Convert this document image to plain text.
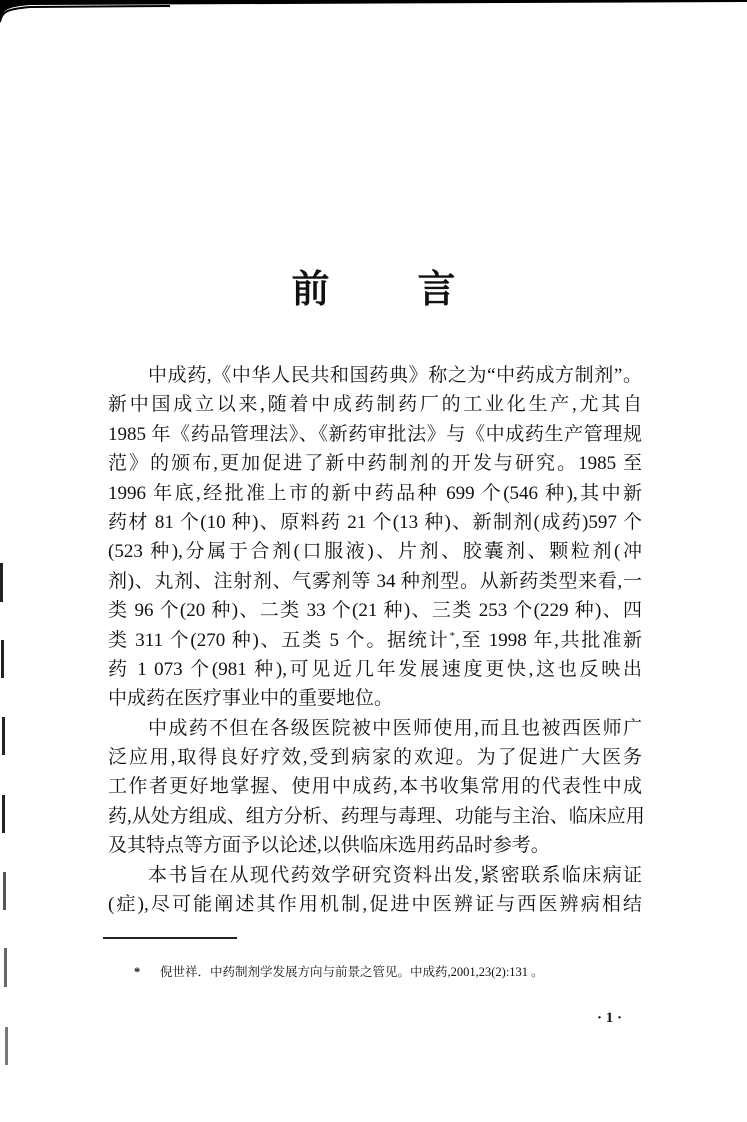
前 言
中成药,《中华人民共和国药典》称之为“中药成方制剂”。
新中国成立以来,随着中成药制药厂的工业化生产,尤其自
1985 年《药品管理法》、《新药审批法》与《中成药生产管理规
范》的颁布,更加促进了新中药制剂的开发与研究。1985 至
1996 年底,经批准上市的新中药品种 699 个(546 种),其中新
药材 81 个(10 种)、原料药 21 个(13 种)、新制剂(成药)597 个
(523 种),分属于合剂(口服液)、片剂、胶囊剂、颗粒剂(冲
剂)、丸剂、注射剂、气雾剂等 34 种剂型。从新药类型来看,一
类 96 个(20 种)、二类 33 个(21 种)、三类 253 个(229 种)、四
类 311 个(270 种)、五类 5 个。据统计*,至 1998 年,共批准新
药 1 073 个(981 种),可见近几年发展速度更快,这也反映出
中成药在医疗事业中的重要地位。
中成药不但在各级医院被中医师使用,而且也被西医师广
泛应用,取得良好疗效,受到病家的欢迎。为了促进广大医务
工作者更好地掌握、使用中成药,本书收集常用的代表性中成
药,从处方组成、组方分析、药理与毒理、功能与主治、临床应用
及其特点等方面予以论述,以供临床选用药品时参考。
本书旨在从现代药效学研究资料出发,紧密联系临床病证
(症),尽可能阐述其作用机制,促进中医辨证与西医辨病相结
* 倪世祥．中药制剂学发展方向与前景之管见。中成药,2001,23(2):131 。
· 1 ·
